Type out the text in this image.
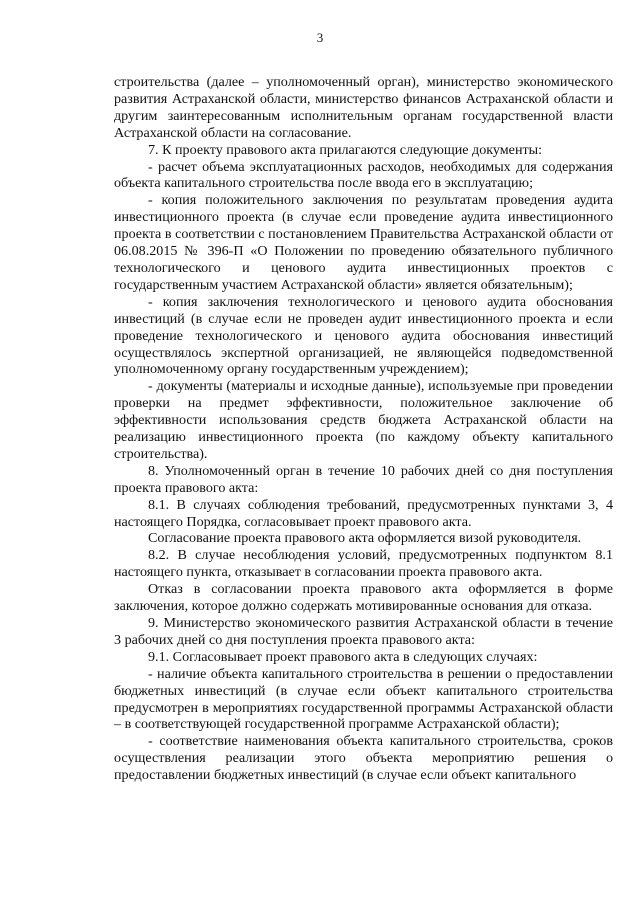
3

строительства (далее – уполномоченный орган), министерство экономического развития Астраханской области, министерство финансов Астраханской области и другим заинтересованным исполнительным органам государственной власти Астраханской области на согласование.

7. К проекту правового акта прилагаются следующие документы:

- расчет объема эксплуатационных расходов, необходимых для содержания объекта капитального строительства после ввода его в эксплуатацию;

- копия положительного заключения по результатам проведения аудита инвестиционного проекта (в случае если проведение аудита инвестиционного проекта в соответствии с постановлением Правительства Астраханской области от 06.08.2015 № 396-П «О Положении по проведению обязательного публичного технологического и ценового аудита инвестиционных проектов с государственным участием Астраханской области» является обязательным);

- копия заключения технологического и ценового аудита обоснования инвестиций (в случае если не проведен аудит инвестиционного проекта и если проведение технологического и ценового аудита обоснования инвестиций осуществлялось экспертной организацией, не являющейся подведомственной уполномоченному органу государственным учреждением);

- документы (материалы и исходные данные), используемые при проведении проверки на предмет эффективности, положительное заключение об эффективности использования средств бюджета Астраханской области на реализацию инвестиционного проекта (по каждому объекту капитального строительства).

8. Уполномоченный орган в течение 10 рабочих дней со дня поступления проекта правового акта:

8.1. В случаях соблюдения требований, предусмотренных пунктами 3, 4 настоящего Порядка, согласовывает проект правового акта.

Согласование проекта правового акта оформляется визой руководителя.

8.2. В случае несоблюдения условий, предусмотренных подпунктом 8.1 настоящего пункта, отказывает в согласовании проекта правового акта.

Отказ в согласовании проекта правового акта оформляется в форме заключения, которое должно содержать мотивированные основания для отказа.

9. Министерство экономического развития Астраханской области в течение 3 рабочих дней со дня поступления проекта правового акта:

9.1. Согласовывает проект правового акта в следующих случаях:

- наличие объекта капитального строительства в решении о предоставлении бюджетных инвестиций (в случае если объект капитального строительства предусмотрен в мероприятиях государственной программы Астраханской области – в соответствующей государственной программе Астраханской области);

- соответствие наименования объекта капитального строительства, сроков осуществления реализации этого объекта мероприятию решения о предоставлении бюджетных инвестиций (в случае если объект капитального
